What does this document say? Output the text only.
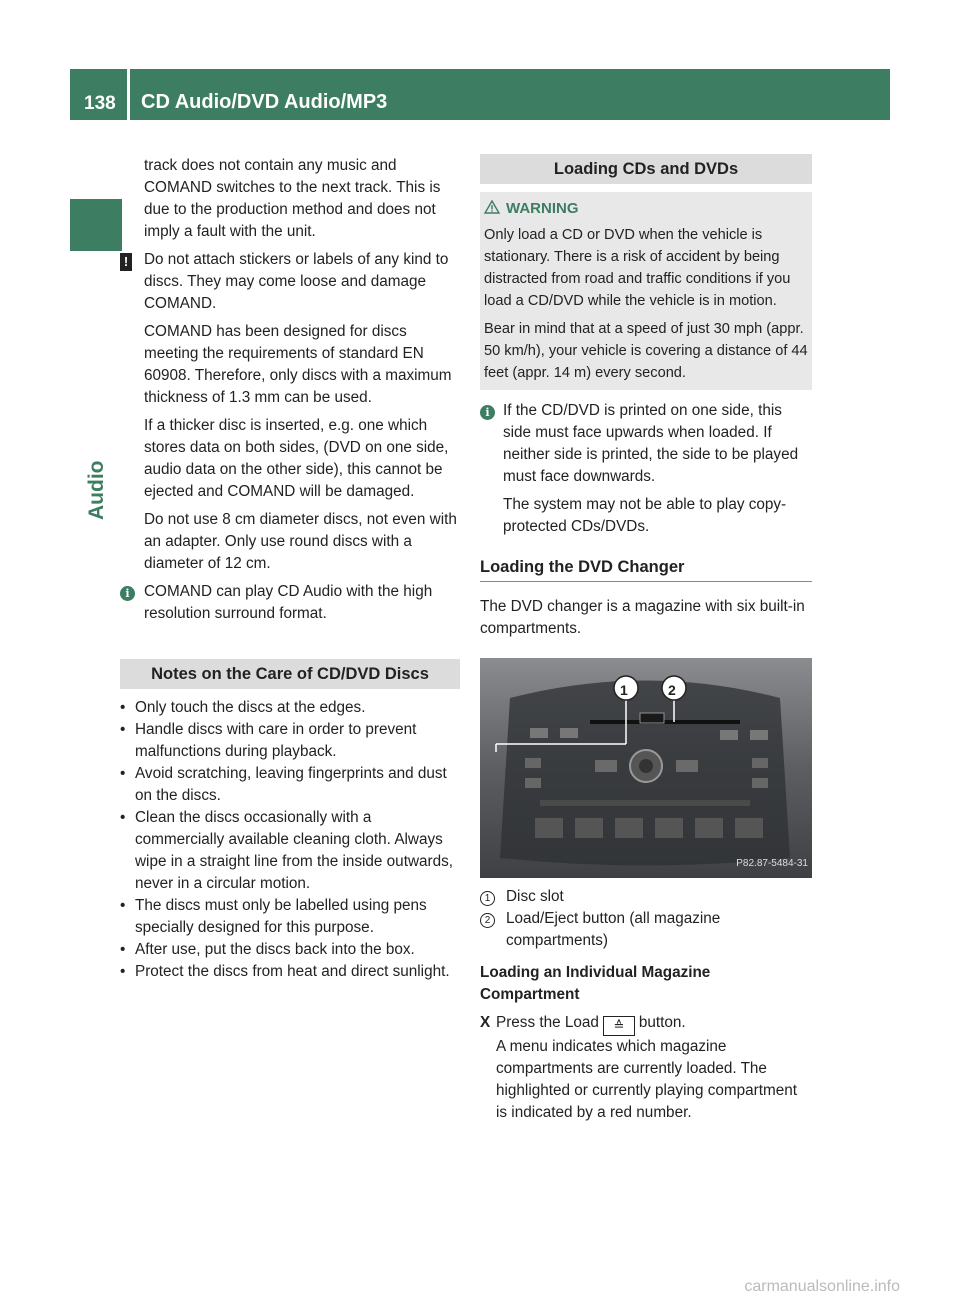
138	CD Audio/DVD Audio/MP3
Audio

track does not contain any music and COMAND switches to the next track. This is due to the production method and does not imply a fault with the unit.

!	Do not attach stickers or labels of any kind to discs. They may come loose and damage COMAND.

COMAND has been designed for discs meeting the requirements of standard EN 60908. Therefore, only discs with a maximum thickness of 1.3 mm can be used.

If a thicker disc is inserted, e.g. one which stores data on both sides, (DVD on one side, audio data on the other side), this cannot be ejected and COMAND will be damaged.

Do not use 8 cm diameter discs, not even with an adapter. Only use round discs with a diameter of 12 cm.

i COMAND can play CD Audio with the high resolution surround format.

Notes on the Care of CD/DVD Discs
• Only touch the discs at the edges.
• Handle discs with care in order to prevent malfunctions during playback.
• Avoid scratching, leaving fingerprints and dust on the discs.
• Clean the discs occasionally with a commercially available cleaning cloth. Always wipe in a straight line from the inside outwards, never in a circular motion.
• The discs must only be labelled using pens specially designed for this purpose.
• After use, put the discs back into the box.
• Protect the discs from heat and direct sunlight.
Loading CDs and DVDs
WARNING

Only load a CD or DVD when the vehicle is stationary. There is a risk of accident by being distracted from road and traffic conditions if you load a CD/DVD while the vehicle is in motion.

Bear in mind that at a speed of just 30 mph (appr. 50 km/h), your vehicle is covering a distance of 44 feet (appr. 14 m) every second.

i If the CD/DVD is printed on one side, this side must face upwards when loaded. If neither side is printed, the side to be played must face downwards.

The system may not be able to play copy-protected CDs/DVDs.

Loading the DVD Changer

The DVD changer is a magazine with six built-in compartments.

1	2
P82.87-5484-31
1	Disc slot
2	Load/Eject button (all magazine compartments)

Loading an Individual Magazine Compartment

X Press the Load ≙ button.

A menu indicates which magazine compartments are currently loaded. The highlighted or currently playing compartment is indicated by a red number.

carmanualsonline.info
